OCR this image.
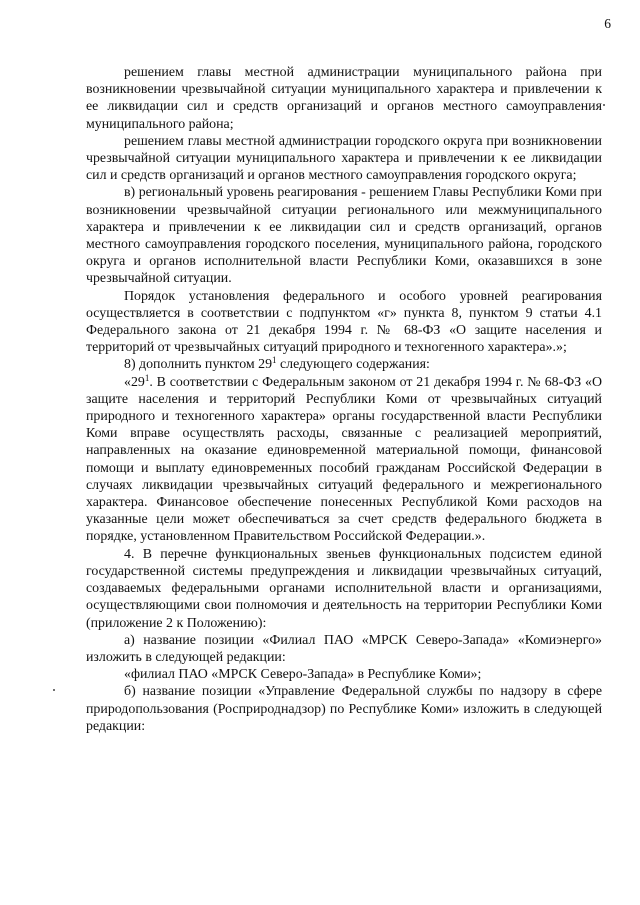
6

решением главы местной администрации муниципального района при возникновении чрезвычайной ситуации муниципального характера и привлечении к ее ликвидации сил и средств организаций и органов местного самоуправления муниципального района;

решением главы местной администрации городского округа при возникновении чрезвычайной ситуации муниципального характера и привлечении к ее ликвидации сил и средств организаций и органов местного самоуправления городского округа;

в) региональный уровень реагирования - решением Главы Республики Коми при возникновении чрезвычайной ситуации регионального или межмуниципального характера и привлечении к ее ликвидации сил и средств организаций, органов местного самоуправления городского поселения, муниципального района, городского округа и органов исполнительной власти Республики Коми, оказавшихся в зоне чрезвычайной ситуации.

Порядок установления федерального и особого уровней реагирования осуществляется в соответствии с подпунктом «г» пункта 8, пунктом 9 статьи 4.1 Федерального закона от 21 декабря 1994 г. № 68-ФЗ «О защите населения и территорий от чрезвычайных ситуаций природного и техногенного характера».»;

8) дополнить пунктом $29^1$ следующего содержания:

«$29^1$. В соответствии с Федеральным законом от 21 декабря 1994 г. № 68-ФЗ «О защите населения и территорий Республики Коми от чрезвычайных ситуаций природного и техногенного характера» органы государственной власти Республики Коми вправе осуществлять расходы, связанные с реализацией мероприятий, направленных на оказание единовременной материальной помощи, финансовой помощи и выплату единовременных пособий гражданам Российской Федерации в случаях ликвидации чрезвычайных ситуаций федерального и межрегионального характера. Финансовое обеспечение понесенных Республикой Коми расходов на указанные цели может обеспечиваться за счет средств федерального бюджета в порядке, установленном Правительством Российской Федерации.».

4. В перечне функциональных звеньев функциональных подсистем единой государственной системы предупреждения и ликвидации чрезвычайных ситуаций, создаваемых федеральными органами исполнительной власти и организациями, осуществляющими свои полномочия и деятельность на территории Республики Коми (приложение 2 к Положению):

а) название позиции «Филиал ПАО «МРСК Северо-Запада» «Комиэнерго» изложить в следующей редакции:

«филиал ПАО «МРСК Северо-Запада» в Республике Коми»;

б) название позиции «Управление Федеральной службы по надзору в сфере природопользования (Росприроднадзор) по Республике Коми» изложить в следующей редакции:
